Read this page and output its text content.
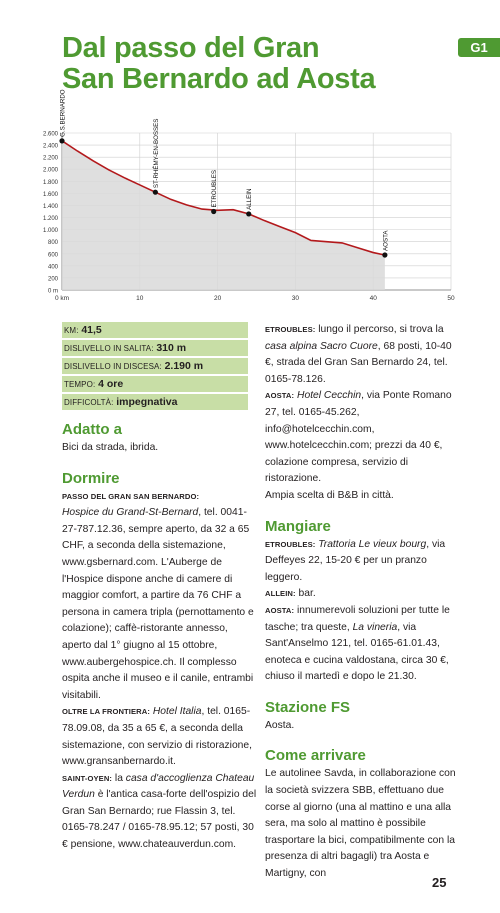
Dal passo del Gran
San Bernardo ad Aosta
G1
2.600
2.400
2.200
2.000
1.800
1.600
1.400
1.200
1.000
800
600
400
200
0 m
0 km	10	20	30	40	50
G.S.BERNARDO
ST-RHÉMY-EN-BOSSES
ETROUBLES	ALLEIN
AOSTA
KM: 41,5
DISLIVELLO IN SALITA: 310 m
DISLIVELLO IN DISCESA: 2.190 m
TEMPO: 4 ore
DIFFICOLTÀ: impegnativa
Adatto a

Bici da strada, ibrida.

Dormire

PASSO DEL GRAN SAN BERNARDO:
Hospice du Grand-St-Bernard, tel. 0041-27-787.12.36, sempre aperto, da 32 a 65 CHF, a seconda della sistemazione, www.gsbernard.com. L'Auberge de l'Hospice dispone anche di camere di maggior comfort, a partire da 76 CHF a persona in camera tripla (pernottamento e colazione); caffè-ristorante annesso, aperto dal 1° giugno al 15 ottobre, www.aubergehospice.ch. Il complesso ospita anche il museo e il canile, entrambi visitabili.

OLTRE LA FRONTIERA: Hotel Italia, tel. 0165-78.09.08, da 35 a 65 €, a seconda della sistemazione, con servizio di ristorazione, www.gransanbernardo.it.

SAINT-OYEN: la casa d'accoglienza Chateau Verdun è l'antica casa-forte dell'ospizio del Gran San Bernardo; rue Flassin 3, tel. 0165-78.247 / 0165-78.95.12; 57 posti, 30 € pensione, www.chateauverdun.com.

ETROUBLES: lungo il percorso, si trova la casa alpina Sacro Cuore, 68 posti, 10-40 €, strada del Gran San Bernardo 24, tel. 0165-78.126.

AOSTA: Hotel Cecchin, via Ponte Romano 27, tel. 0165-45.262, info@hotelcecchin.com, www.hotelcecchin.com; prezzi da 40 €, colazione compresa, servizio di ristorazione.

Ampia scelta di B&B in città.

Mangiare

ETROUBLES: Trattoria Le vieux bourg, via Deffeyes 22, 15-20 € per un pranzo leggero.

ALLEIN: bar.

AOSTA: innumerevoli soluzioni per tutte le tasche; tra queste, La vineria, via Sant'Anselmo 121, tel. 0165-61.01.43, enoteca e cucina valdostana, circa 30 €, chiuso il martedì e dopo le 21.30.

Stazione FS

Aosta.

Come arrivare

Le autolinee Savda, in collaborazione con la società svizzera SBB, effettuano due corse al giorno (una al mattino e una alla sera, ma solo al mattino è possibile trasportare la bici, compatibilmente con la presenza di altri bagagli) tra Aosta e Martigny, con

25
